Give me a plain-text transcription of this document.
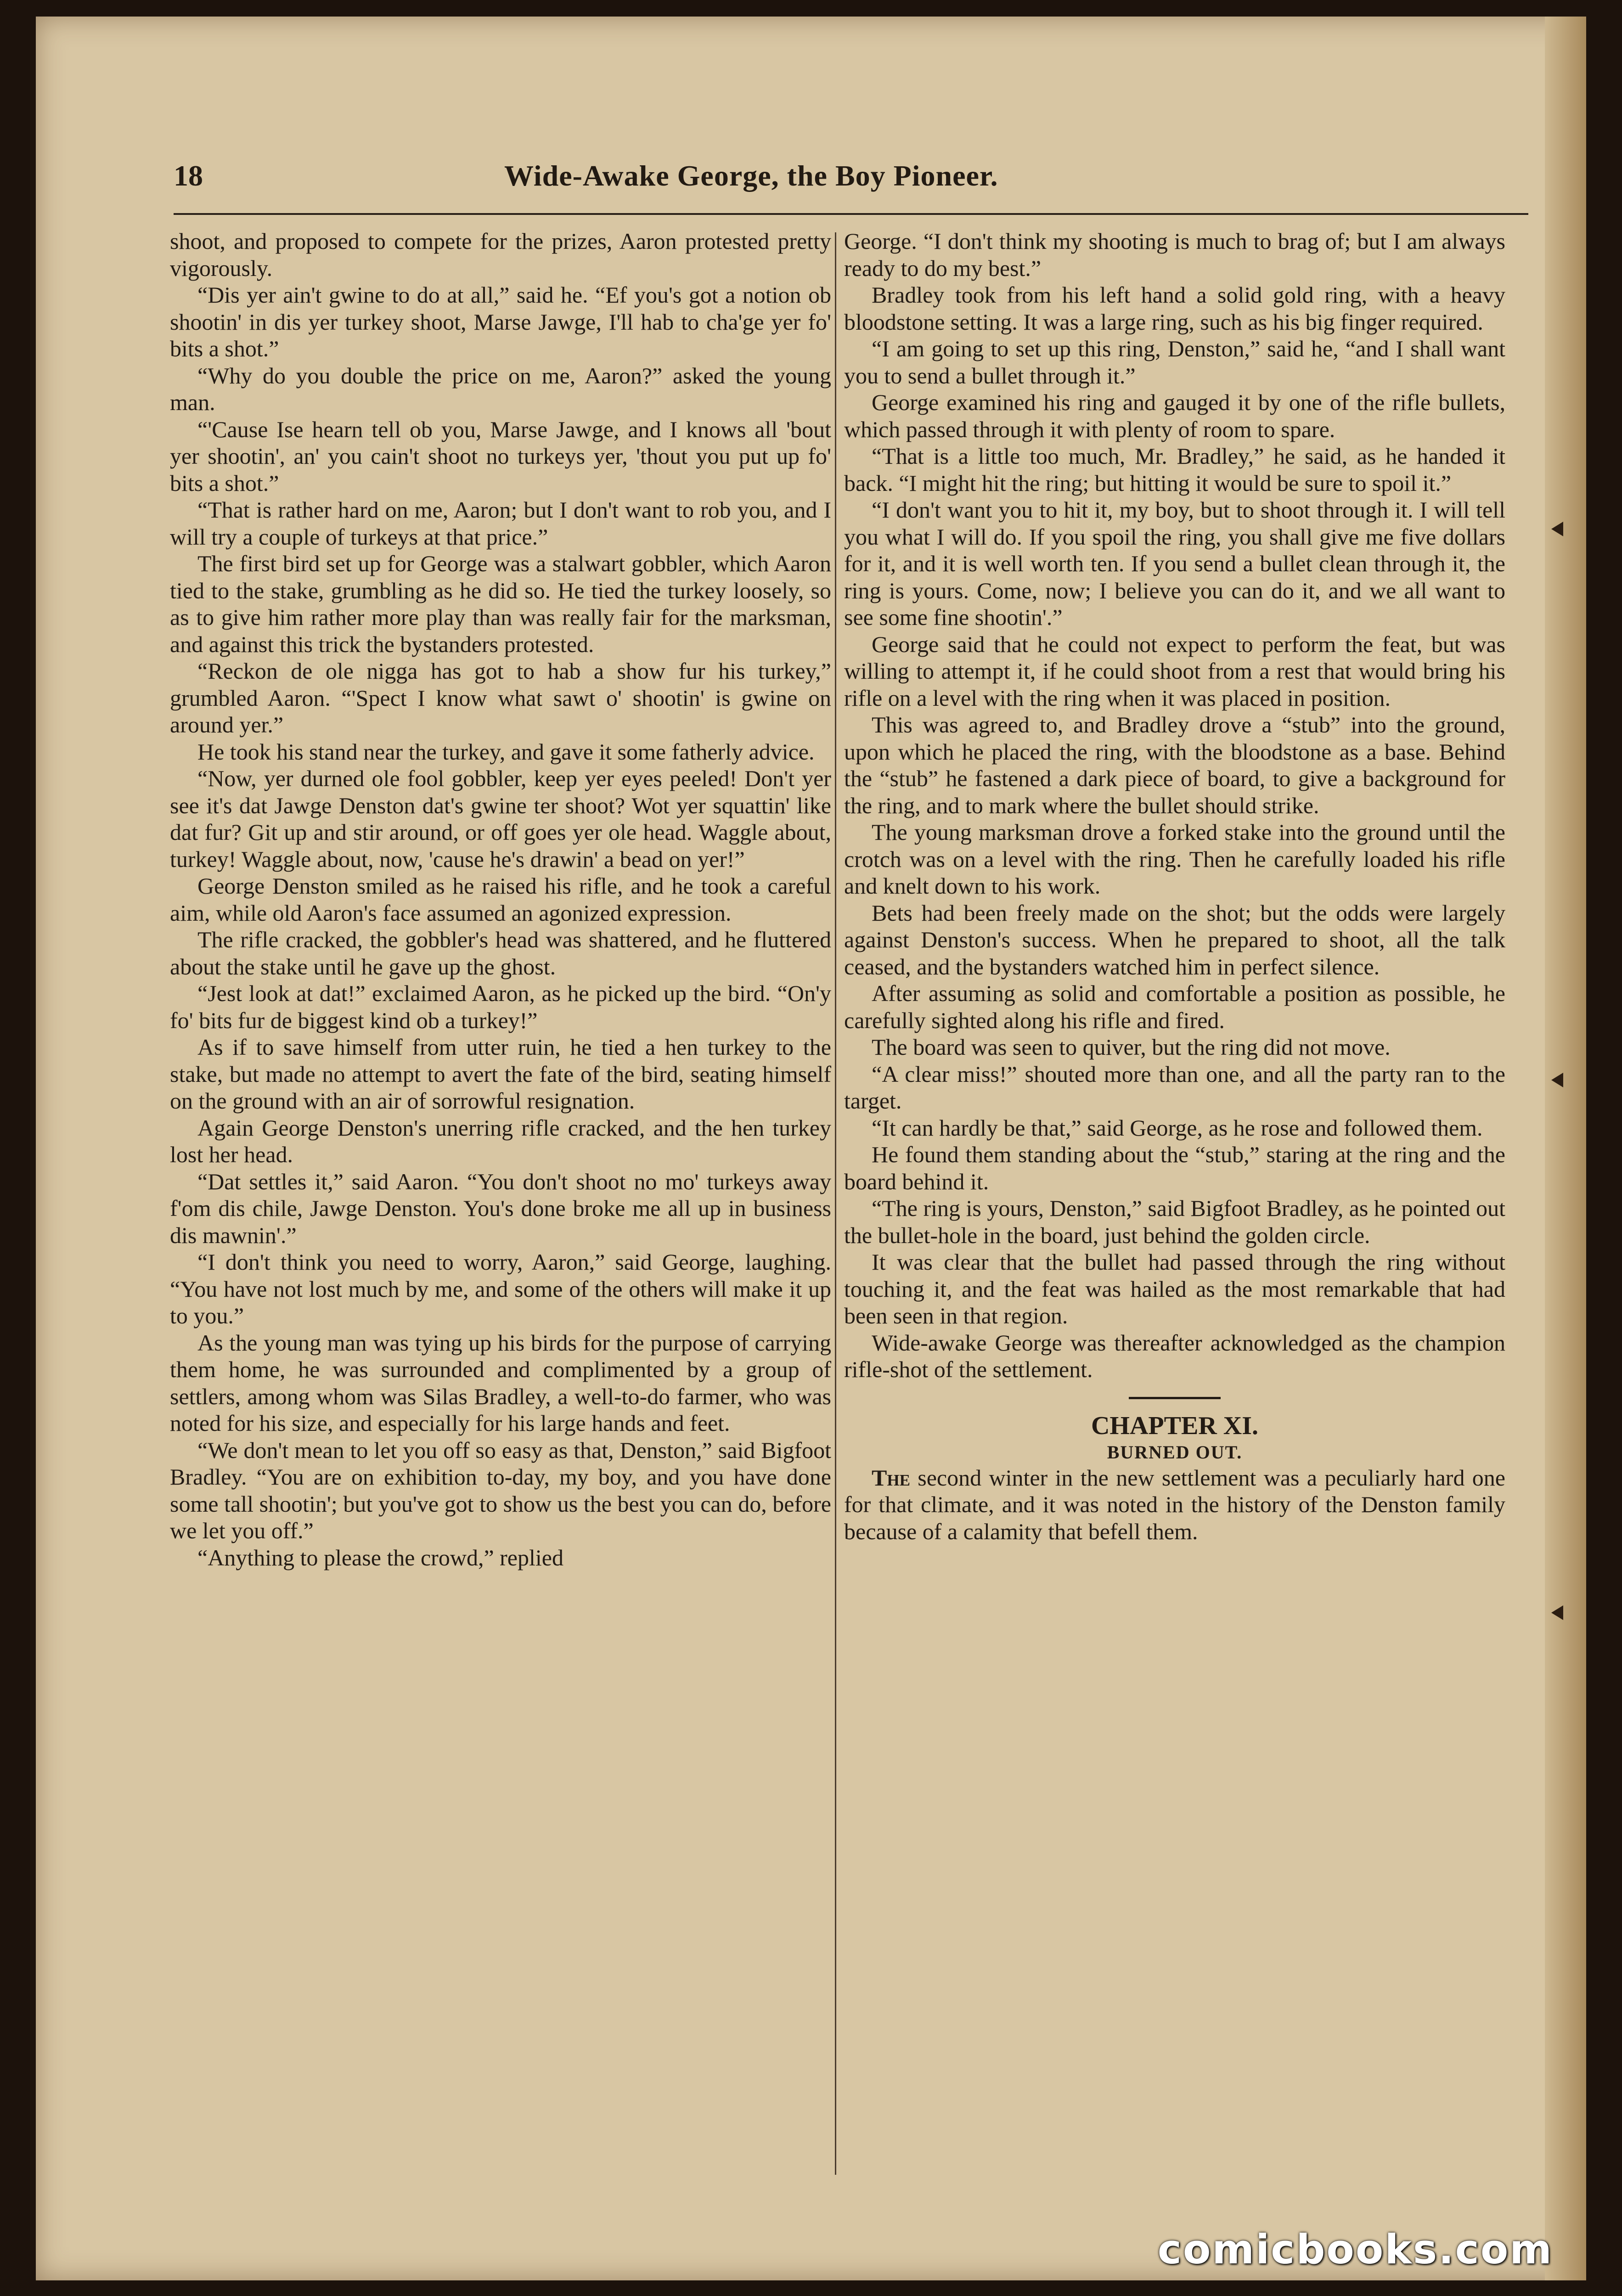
18	Wide-Awake George, the Boy Pioneer.

shoot, and proposed to compete for the prizes, Aaron protested pretty vigorously.

“Dis yer ain't gwine to do at all,” said he. “Ef you's got a notion ob shootin' in dis yer turkey shoot, Marse Jawge, I'll hab to cha'ge yer fo' bits a shot.”

“Why do you double the price on me, Aaron?” asked the young man.

“'Cause Ise hearn tell ob you, Marse Jawge, and I knows all 'bout yer shootin', an' you cain't shoot no turkeys yer, 'thout you put up fo' bits a shot.”

“That is rather hard on me, Aaron; but I don't want to rob you, and I will try a couple of turkeys at that price.”

The first bird set up for George was a stalwart gobbler, which Aaron tied to the stake, grumbling as he did so. He tied the turkey loosely, so as to give him rather more play than was really fair for the marksman, and against this trick the bystanders protested.

“Reckon de ole nigga has got to hab a show fur his turkey,” grumbled Aaron. “'Spect I know what sawt o' shootin' is gwine on around yer.”

He took his stand near the turkey, and gave it some fatherly advice.

“Now, yer durned ole fool gobbler, keep yer eyes peeled! Don't yer see it's dat Jawge Denston dat's gwine ter shoot? Wot yer squattin' like dat fur? Git up and stir around, or off goes yer ole head. Waggle about, turkey! Waggle about, now, 'cause he's drawin' a bead on yer!”

George Denston smiled as he raised his rifle, and he took a careful aim, while old Aaron's face assumed an agonized expression.

The rifle cracked, the gobbler's head was shattered, and he fluttered about the stake until he gave up the ghost.

“Jest look at dat!” exclaimed Aaron, as he picked up the bird. “On'y fo' bits fur de biggest kind ob a turkey!”

As if to save himself from utter ruin, he tied a hen turkey to the stake, but made no attempt to avert the fate of the bird, seating himself on the ground with an air of sorrowful resignation.

Again George Denston's unerring rifle cracked, and the hen turkey lost her head.

“Dat settles it,” said Aaron. “You don't shoot no mo' turkeys away f'om dis chile, Jawge Denston. You's done broke me all up in business dis mawnin'.”

“I don't think you need to worry, Aaron,” said George, laughing. “You have not lost much by me, and some of the others will make it up to you.”

As the young man was tying up his birds for the purpose of carrying them home, he was surrounded and complimented by a group of settlers, among whom was Silas Bradley, a well-to-do farmer, who was noted for his size, and especially for his large hands and feet.

“We don't mean to let you off so easy as that, Denston,” said Bigfoot Bradley. “You are on exhibition to-day, my boy, and you have done some tall shootin'; but you've got to show us the best you can do, before we let you off.”

“Anything to please the crowd,” replied

George. “I don't think my shooting is much to brag of; but I am always ready to do my best.”

Bradley took from his left hand a solid gold ring, with a heavy bloodstone setting. It was a large ring, such as his big finger required.

“I am going to set up this ring, Denston,” said he, “and I shall want you to send a bullet through it.”

George examined his ring and gauged it by one of the rifle bullets, which passed through it with plenty of room to spare.

“That is a little too much, Mr. Bradley,” he said, as he handed it back. “I might hit the ring; but hitting it would be sure to spoil it.”

“I don't want you to hit it, my boy, but to shoot through it. I will tell you what I will do. If you spoil the ring, you shall give me five dollars for it, and it is well worth ten. If you send a bullet clean through it, the ring is yours. Come, now; I believe you can do it, and we all want to see some fine shootin'.”

George said that he could not expect to perform the feat, but was willing to attempt it, if he could shoot from a rest that would bring his rifle on a level with the ring when it was placed in position.

This was agreed to, and Bradley drove a “stub” into the ground, upon which he placed the ring, with the bloodstone as a base. Behind the “stub” he fastened a dark piece of board, to give a background for the ring, and to mark where the bullet should strike.

The young marksman drove a forked stake into the ground until the crotch was on a level with the ring. Then he carefully loaded his rifle and knelt down to his work.

Bets had been freely made on the shot; but the odds were largely against Denston's success. When he prepared to shoot, all the talk ceased, and the bystanders watched him in perfect silence.

After assuming as solid and comfortable a position as possible, he carefully sighted along his rifle and fired.

The board was seen to quiver, but the ring did not move.

“A clear miss!” shouted more than one, and all the party ran to the target.

“It can hardly be that,” said George, as he rose and followed them.

He found them standing about the “stub,” staring at the ring and the board behind it.

“The ring is yours, Denston,” said Bigfoot Bradley, as he pointed out the bullet-hole in the board, just behind the golden circle.

It was clear that the bullet had passed through the ring without touching it, and the feat was hailed as the most remarkable that had been seen in that region.

Wide-awake George was thereafter acknowledged as the champion rifle-shot of the settlement.

CHAPTER XI.
BURNED OUT.

The second winter in the new settlement was a peculiarly hard one for that climate, and it was noted in the history of the Denston family because of a calamity that befell them.

comicbooks.com
